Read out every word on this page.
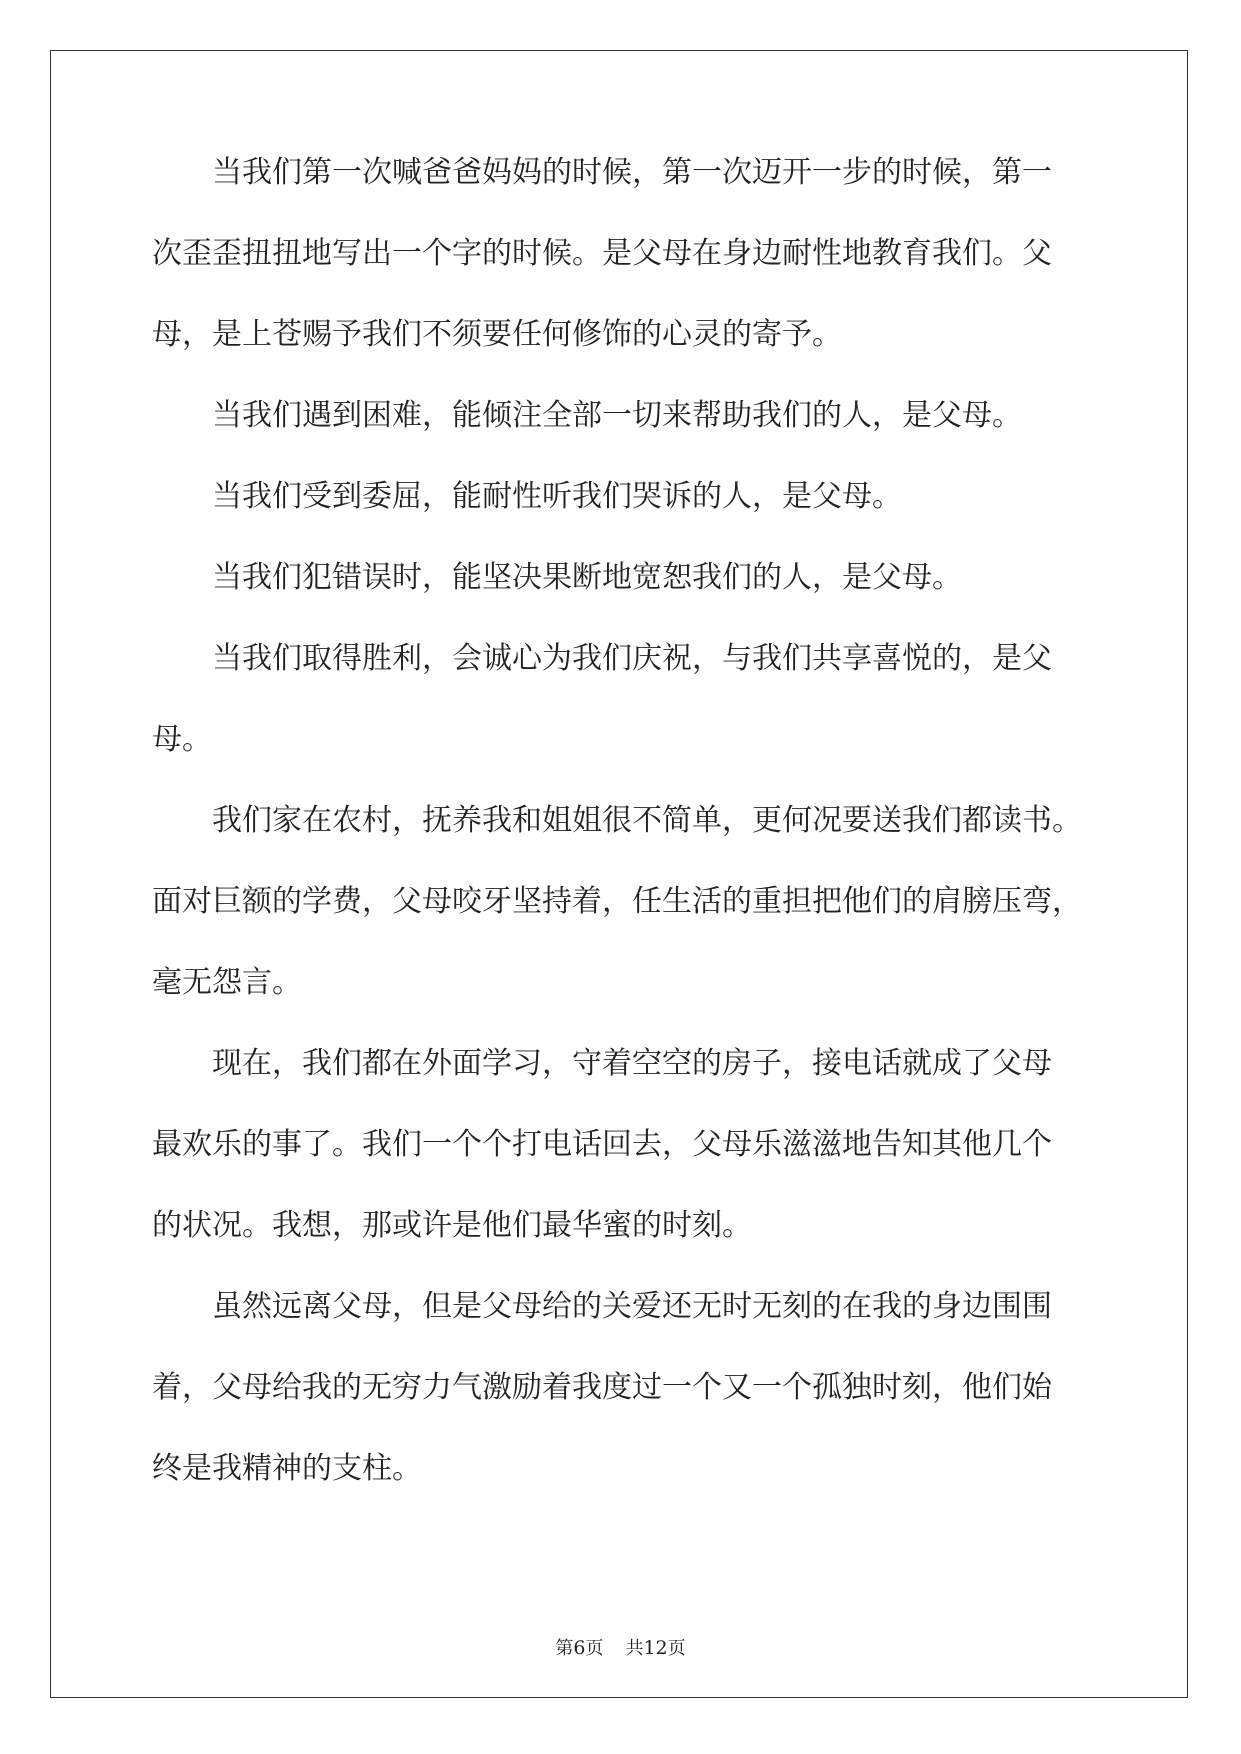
　　当我们第一次喊爸爸妈妈的时候，第一次迈开一步的时候，第一
次歪歪扭扭地写出一个字的时候。是父母在身边耐性地教育我们。父
母，是上苍赐予我们不须要任何修饰的心灵的寄予。
　　当我们遇到困难，能倾注全部一切来帮助我们的人，是父母。
　　当我们受到委屈，能耐性听我们哭诉的人，是父母。
　　当我们犯错误时，能坚决果断地宽恕我们的人，是父母。
　　当我们取得胜利，会诚心为我们庆祝，与我们共享喜悦的，是父
母。
　　我们家在农村，抚养我和姐姐很不简单，更何况要送我们都读书。
面对巨额的学费，父母咬牙坚持着，任生活的重担把他们的肩膀压弯，
毫无怨言。
　　现在，我们都在外面学习，守着空空的房子，接电话就成了父母
最欢乐的事了。我们一个个打电话回去，父母乐滋滋地告知其他几个
的状况。我想，那或许是他们最华蜜的时刻。
　　虽然远离父母，但是父母给的关爱还无时无刻的在我的身边围围
着，父母给我的无穷力气激励着我度过一个又一个孤独时刻，他们始
终是我精神的支柱。
第6页 共12页
